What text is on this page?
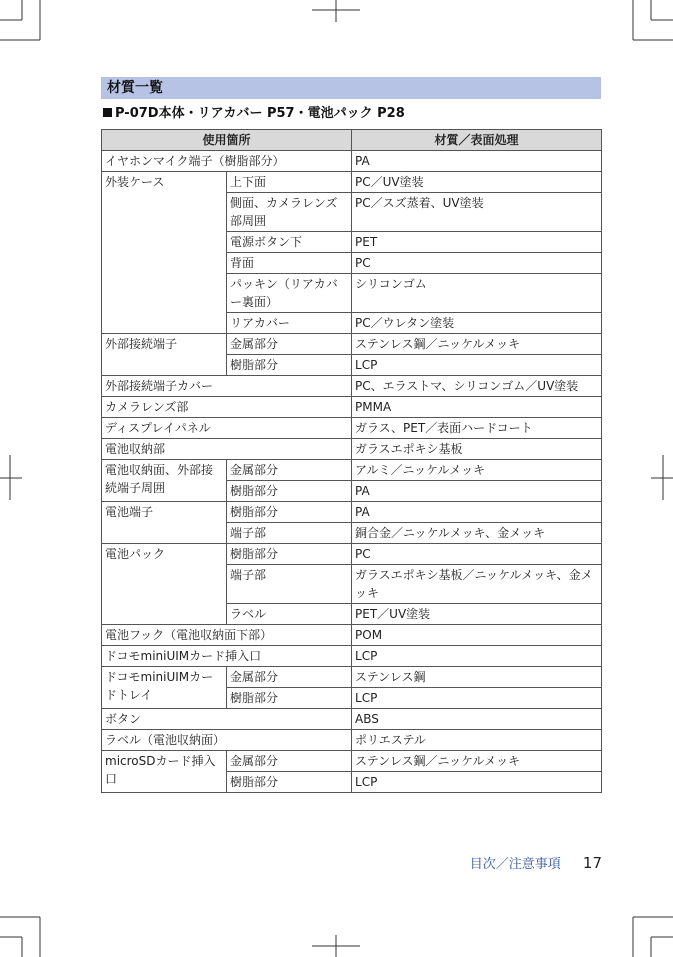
材質一覧
P-07D本体・リアカバー P57・電池パック P28
使用箇所		材質／表面処理
イヤホンマイク端子（樹脂部分）		PA
外装ケース	上下面	PC／UV塗装
	側面、カメラレンズ部周囲	PC／スズ蒸着、UV塗装
	電源ボタン下	PET
	背面	PC
	パッキン（リアカバー裏面）	シリコンゴム
	リアカバー	PC／ウレタン塗装
外部接続端子	金属部分	ステンレス鋼／ニッケルメッキ
	樹脂部分	LCP
外部接続端子カバー		PC、エラストマ、シリコンゴム／UV塗装
カメラレンズ部		PMMA
ディスプレイパネル		ガラス、PET／表面ハードコート
電池収納部		ガラスエポキシ基板
電池収納面、外部接続端子周囲	金属部分	アルミ／ニッケルメッキ
	樹脂部分	PA
電池端子	樹脂部分	PA
	端子部	銅合金／ニッケルメッキ、金メッキ
電池パック	樹脂部分	PC
	端子部	ガラスエポキシ基板／ニッケルメッキ、金メッキ
	ラベル	PET／UV塗装
電池フック（電池収納面下部）		POM
ドコモminiUIMカード挿入口		LCP
ドコモminiUIMカードトレイ	金属部分	ステンレス鋼
	樹脂部分	LCP
ボタン		ABS
ラベル（電池収納面）		ポリエステル
microSDカード挿入口	金属部分	ステンレス鋼／ニッケルメッキ
	樹脂部分	LCP
目次／注意事項 17
